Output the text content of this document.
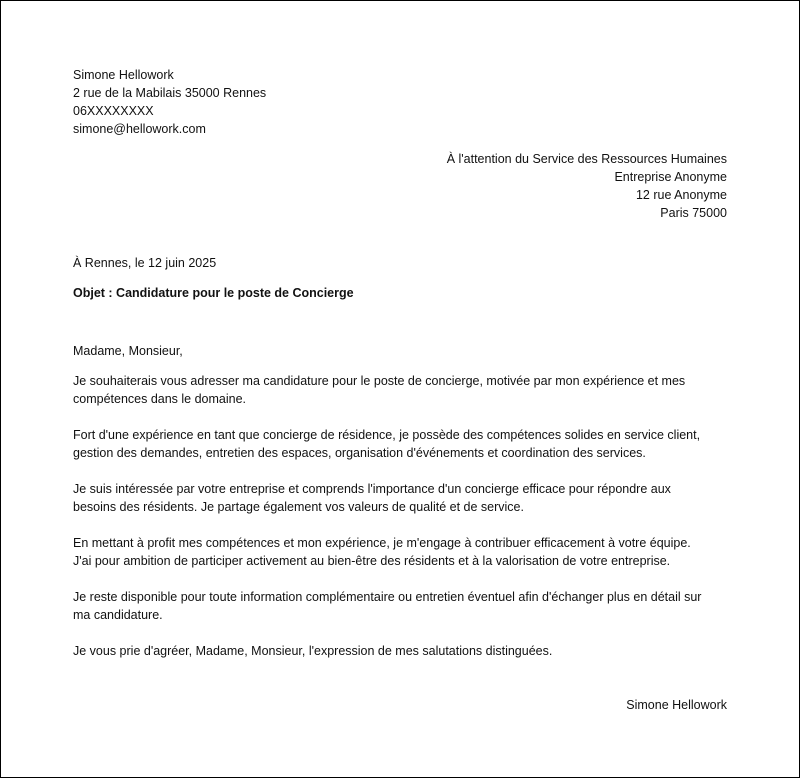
Simone Hellowork
2 rue de la Mabilais 35000 Rennes
06XXXXXXXX
simone@hellowork.com
À l'attention du Service des Ressources Humaines
Entreprise Anonyme
12 rue Anonyme
Paris 75000
À Rennes, le 12 juin 2025
Objet : Candidature pour le poste de Concierge
Madame, Monsieur,
Je souhaiterais vous adresser ma candidature pour le poste de concierge, motivée par mon expérience et mes
compétences dans le domaine.
Fort d'une expérience en tant que concierge de résidence, je possède des compétences solides en service client,
gestion des demandes, entretien des espaces, organisation d'événements et coordination des services.
Je suis intéressée par votre entreprise et comprends l'importance d'un concierge efficace pour répondre aux
besoins des résidents. Je partage également vos valeurs de qualité et de service.
En mettant à profit mes compétences et mon expérience, je m'engage à contribuer efficacement à votre équipe.
J'ai pour ambition de participer activement au bien-être des résidents et à la valorisation de votre entreprise.
Je reste disponible pour toute information complémentaire ou entretien éventuel afin d'échanger plus en détail sur
ma candidature.
Je vous prie d'agréer, Madame, Monsieur, l'expression de mes salutations distinguées.
Simone Hellowork
